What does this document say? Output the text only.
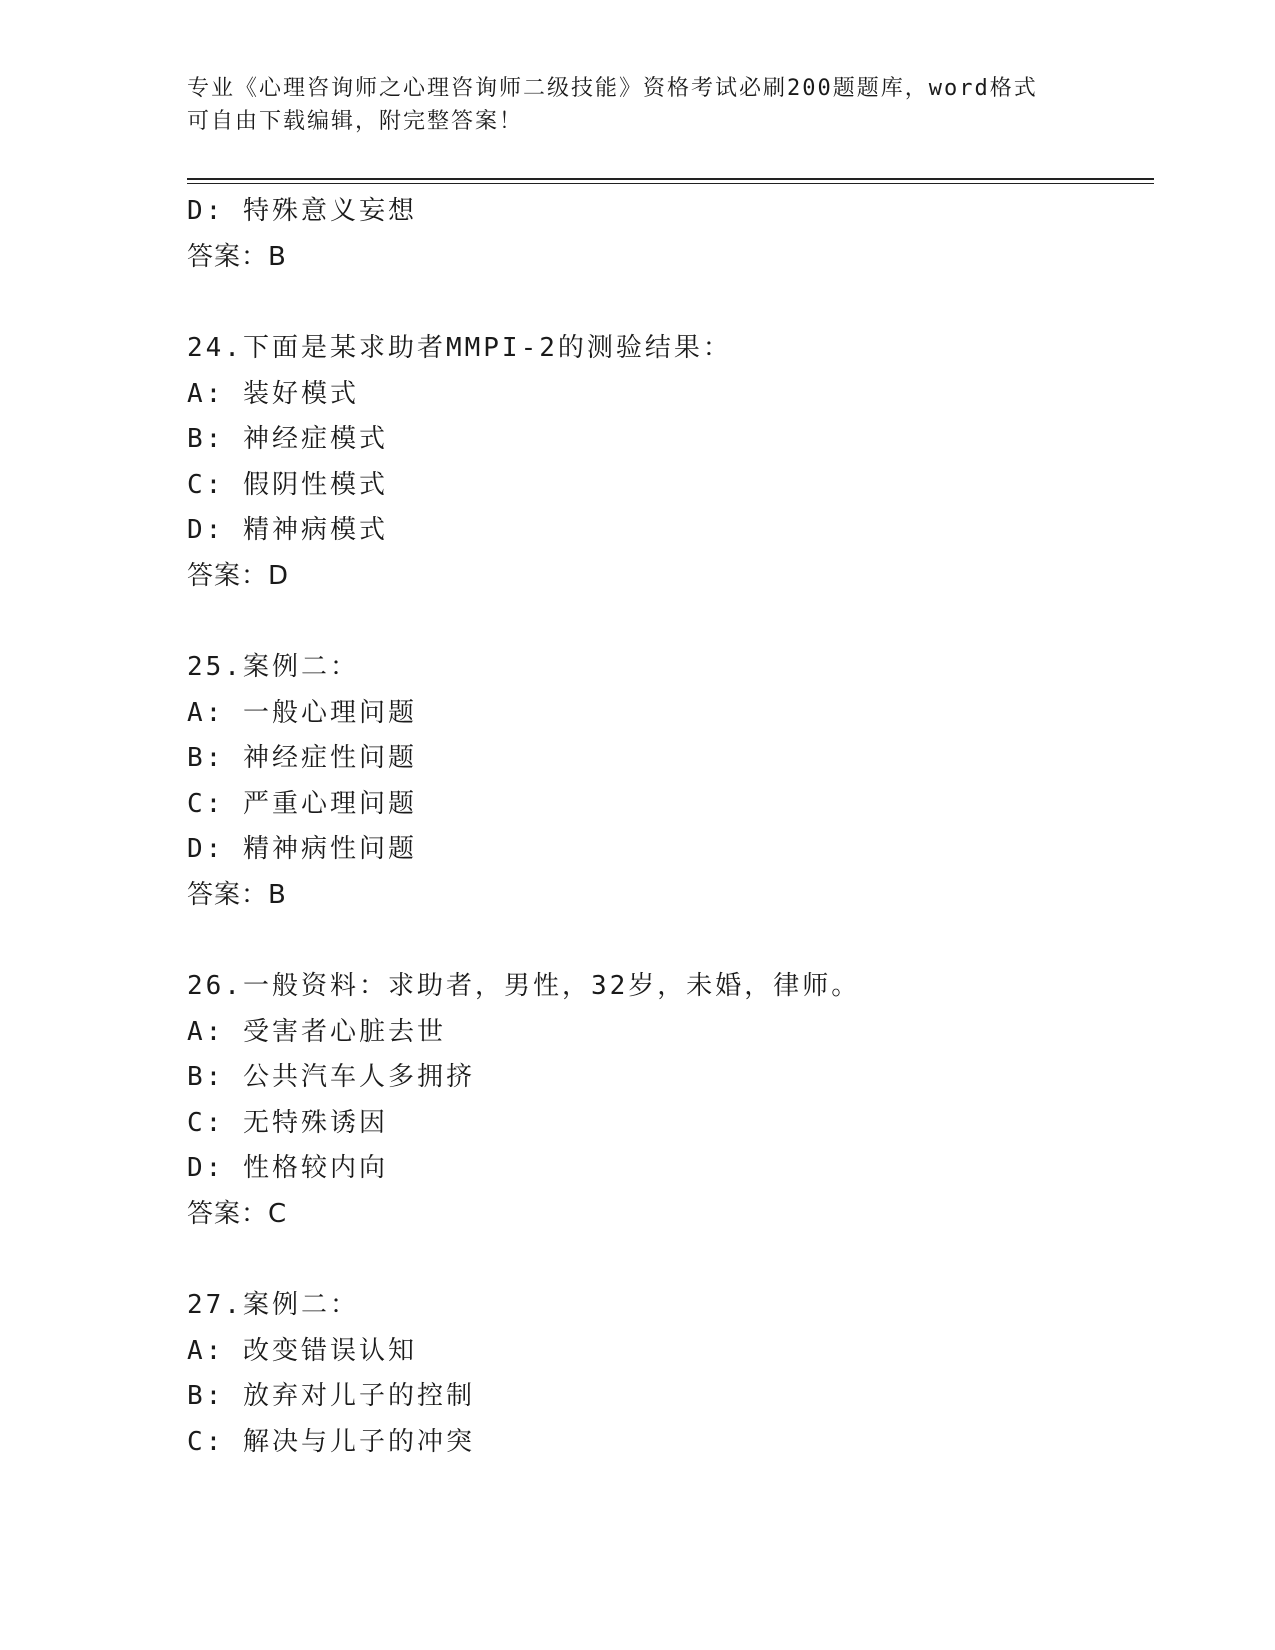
专业《心理咨询师之心理咨询师二级技能》资格考试必刷200题题库，word格式

可自由下载编辑，附完整答案！

D: 特殊意义妄想
答案：B
24.下面是某求助者MMPI-2的测验结果：
A: 装好模式
B: 神经症模式
C: 假阴性模式
D: 精神病模式
答案：D
25.案例二：
A: 一般心理问题
B: 神经症性问题
C: 严重心理问题
D: 精神病性问题
答案：B
26.一般资料：求助者，男性，32岁，未婚，律师。
A: 受害者心脏去世
B: 公共汽车人多拥挤
C: 无特殊诱因
D: 性格较内向
答案：C
27.案例二：
A: 改变错误认知
B: 放弃对儿子的控制
C: 解决与儿子的冲突
